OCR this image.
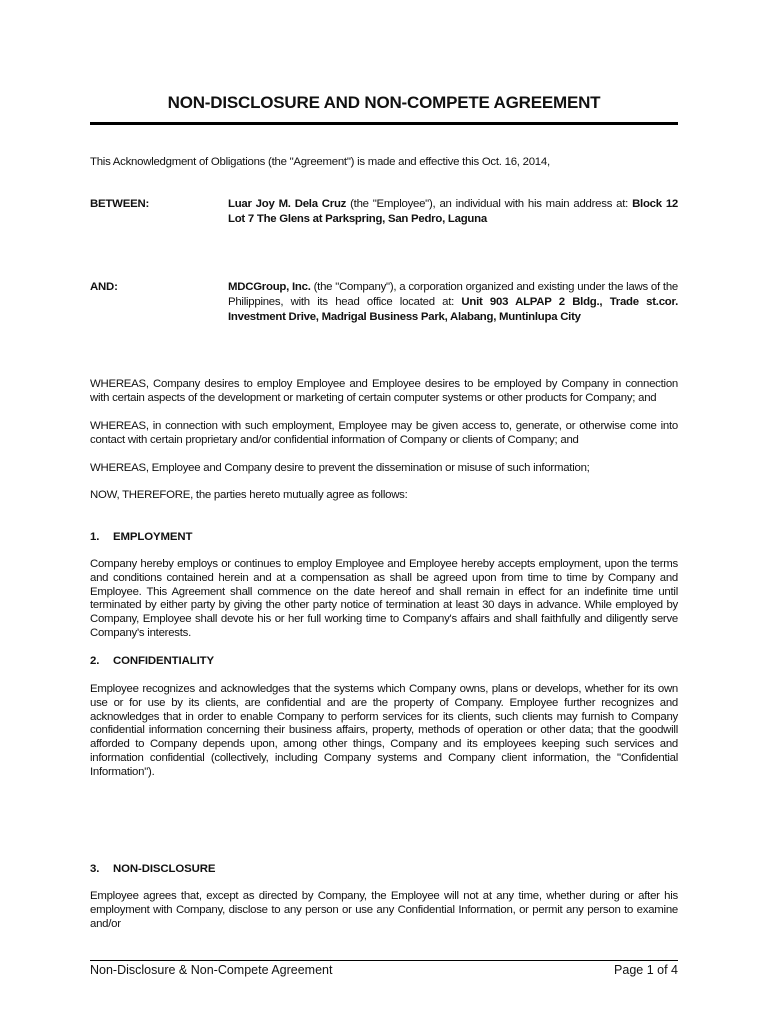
NON-DISCLOSURE AND NON-COMPETE AGREEMENT
This Acknowledgment of Obligations (the "Agreement") is made and effective this Oct. 16, 2014,
BETWEEN:	Luar Joy M. Dela Cruz (the "Employee"), an individual with his main address at: Block 12 Lot 7 The Glens at Parkspring, San Pedro, Laguna
AND:	MDCGroup, Inc. (the "Company"), a corporation organized and existing under the laws of the Philippines, with its head office located at: Unit 903 ALPAP 2 Bldg., Trade st.cor. Investment Drive, Madrigal Business Park, Alabang, Muntinlupa City
WHEREAS, Company desires to employ Employee and Employee desires to be employed by Company in connection with certain aspects of the development or marketing of certain computer systems or other products for Company; and
WHEREAS, in connection with such employment, Employee may be given access to, generate, or otherwise come into contact with certain proprietary and/or confidential information of Company or clients of Company; and
WHEREAS, Employee and Company desire to prevent the dissemination or misuse of such information;
NOW, THEREFORE, the parties hereto mutually agree as follows:
1. EMPLOYMENT
Company hereby employs or continues to employ Employee and Employee hereby accepts employment, upon the terms and conditions contained herein and at a compensation as shall be agreed upon from time to time by Company and Employee. This Agreement shall commence on the date hereof and shall remain in effect for an indefinite time until terminated by either party by giving the other party notice of termination at least 30 days in advance. While employed by Company, Employee shall devote his or her full working time to Company's affairs and shall faithfully and diligently serve Company's interests.
2. CONFIDENTIALITY
Employee recognizes and acknowledges that the systems which Company owns, plans or develops, whether for its own use or for use by its clients, are confidential and are the property of Company. Employee further recognizes and acknowledges that in order to enable Company to perform services for its clients, such clients may furnish to Company confidential information concerning their business affairs, property, methods of operation or other data; that the goodwill afforded to Company depends upon, among other things, Company and its employees keeping such services and information confidential (collectively, including Company systems and Company client information, the "Confidential Information").
3. NON-DISCLOSURE
Employee agrees that, except as directed by Company, the Employee will not at any time, whether during or after his employment with Company, disclose to any person or use any Confidential Information, or permit any person to examine and/or
Non-Disclosure & Non-Compete Agreement	Page 1 of 4
